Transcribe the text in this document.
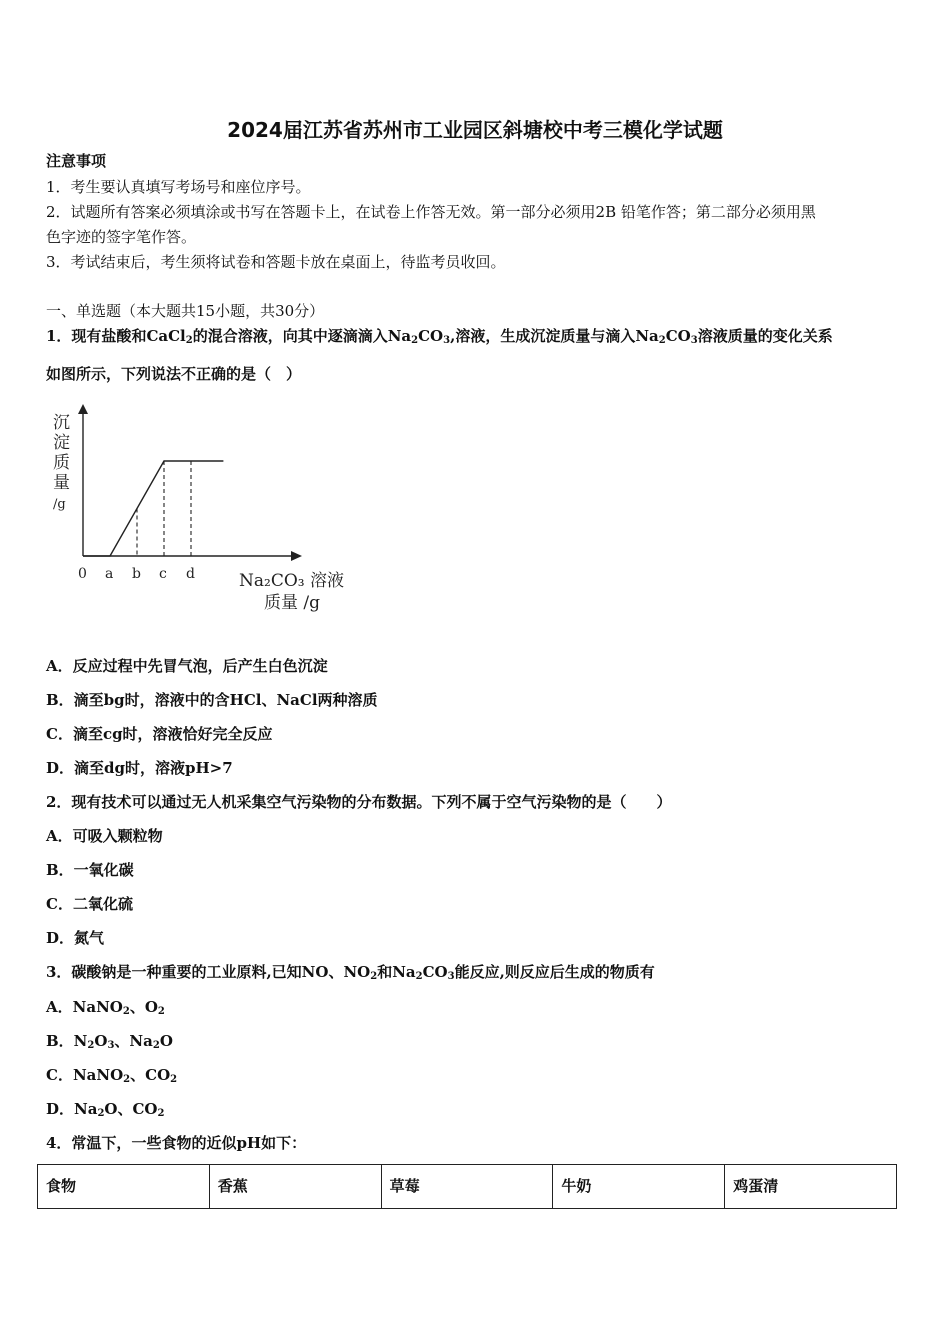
2024届江苏省苏州市工业园区斜塘校中考三模化学试题
注意事项
1．考生要认真填写考场号和座位序号。
2．试题所有答案必须填涂或书写在答题卡上，在试卷上作答无效。第一部分必须用2B 铅笔作答；第二部分必须用黑
色字迹的签字笔作答。
3．考试结束后，考生须将试卷和答题卡放在桌面上，待监考员收回。
一、单选题（本大题共15小题，共30分）
1．现有盐酸和CaCl$_2$的混合溶液，向其中逐滴滴入$Na_2CO_3$,溶液，生成沉淀质量与滴入$Na_2CO_3$溶液质量的变化关系
如图所示，下列说法不正确的是（　）
0 a b c d
沉
淀
质
量
/g
Na₂CO₃ 溶液
质量 /g
A．反应过程中先冒气泡，后产生白色沉淀
B．滴至bg时，溶液中的含HCl、NaCl两种溶质
C．滴至cg时，溶液恰好完全反应
D．滴至dg时，溶液pH>7
2．现有技术可以通过无人机采集空气污染物的分布数据。下列不属于空气污染物的是（　　）
A．可吸入颗粒物
B．一氧化碳
C．二氧化硫
D．氮气
3．碳酸钠是一种重要的工业原料,已知NO、$NO_2$和$Na_2CO_3$能反应,则反应后生成的物质有
A．NaNO$_2$、$O_2$
B．$N_2O_3$、$Na_2O$
C．NaNO$_2$、$CO_2$
D．$Na_2O$、$CO_2$
4．常温下，一些食物的近似pH如下：
食物	香蕉	草莓	牛奶	鸡蛋清
